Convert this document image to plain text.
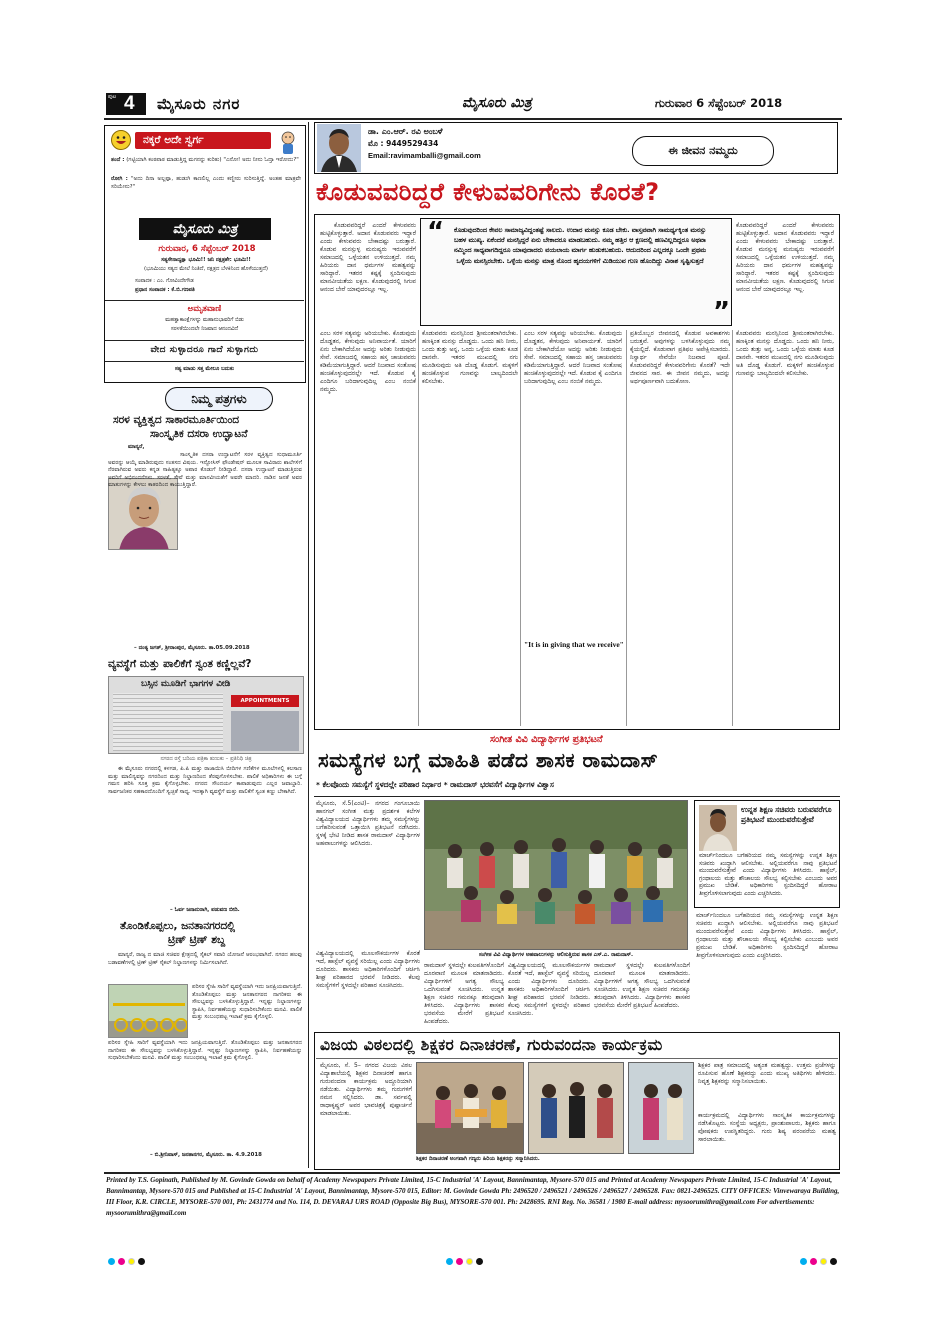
ಪುಟ 4 ಮೈಸೂರು ನಗರ	ಮೈಸೂರು ಮಿತ್ರ	ಗುರುವಾರ 6 ಸೆಪ್ಟೆಂಬರ್ 2018
ನಕ್ಕರೆ ಅದೇ ಸ್ವರ್ಗ
ತಂದೆ : (ಗಟ್ಟಿಯಾಗಿ ಕಂಠಪಾಠ ಮಾಡುತ್ತಿದ್ದ ಮಗನನ್ನು ಕುರಿತು) "ಎನೋ! ಅದು ನೀನು ಓದ್ತಾ ಇರೋದು?"
ರೋಗಿ : "ಅದು ದಿನಾ ಅಲ್ಲಪ್ಪಾ, ಹುಡುಗಿ ಕಾಣಲಿಲ್ಲ ಎಂದು ಕಣ್ಣೀರು ಸುರಿಸುತ್ತಿದ್ದೆ. ಅಂತಹ ಮಾತ್ರವೇ ಸರಿಯೇನು?"
ಮೈಸೂರು ಮಿತ್ರ
ಗುರುವಾರ, 6 ಸೆಪ್ಟೆಂಬರ್ 2018
ಸತ್ಯಸೇನಾದ್ಯಕ್ಷಾ ಭೂಮಿ!! ಜನಿ ನಕ್ಷತ್ರಶೇ: ಭೂಮಿ!!
(ಭೂಮಿಯು ಸತ್ಯದ ಮೇಲೆ ನಿಂತಿದೆ, ನಕ್ಷತ್ರದ ಬೆಳಕಿನಿಂದ ಹೊಳೆಯುತ್ತದೆ)
ಸಂಪಾದಕ : ಎಂ. ಗೋವಿಂದೇಗೌಡ
ಪ್ರಧಾನ ಸಂಪಾದಕ : ಕೆ.ಬಿ.ಗಣಪತಿ
ಅಮೃತವಾಣಿ
ಮಹತ್ವಾಕಾಂಕ್ಷೆಗಳನ್ನು ಮಹಾನುಭಾವರಿಗೆ ಬಿಡು
ಸರಳತೆಯಿಂದಲೇ ನಿಜವಾದ ಆನಂದವಿದೆ
ವೇದ ಸುಳ್ಳಾದರೂ ಗಾದೆ ಸುಳ್ಳಾಗದು
ಸತ್ಯ ಮಾಡು ಸತ್ತ ಮೇಲೂ ಬದುಕು
ನಿಮ್ಮ ಪತ್ರಗಳು
ಸರಳ ವ್ಯಕ್ತಿತ್ವದ ಸಾಕಾರಮೂರ್ತಿಯಿಂದ
ಸಾಂಸ್ಕೃತಿಕ ದಸರಾ ಉದ್ಘಾಟನೆ
ಮಾನ್ಯರೆ,
ಸಾಂಸ್ಕೃತಿಕ ದಸರಾ ಉದ್ಘಾಟನೆಗೆ ಸರಳ ವ್ಯಕ್ತಿತ್ವದ ಸುಧಾಮೂರ್ತಿ ಅವರನ್ನು ಆಯ್ಕೆ ಮಾಡಿರುವುದು ಸಂತಸದ ವಿಷಯ. ಇನ್ಫೋಸಿಸ್ ಫೌಂಡೇಷನ್ ಮೂಲಕ ಸಾವಿರಾರು ಶಾಲೆಗಳಿಗೆ ನೆರವಾಗಿರುವ ಅವರು ಕನ್ನಡ ಸಾಹಿತ್ಯಕ್ಕೂ ಅಪಾರ ಕೊಡುಗೆ ನೀಡಿದ್ದಾರೆ. ದಸರಾ ಉದ್ಘಾಟನೆ ಮಾಡುತ್ತಿರುವ ಅವರಿಗೆ ಅಭಿನಂದನೆಗಳು. ಸರಳತೆ, ಸೇವೆ ಮತ್ತು ಮಾನವೀಯತೆಗೆ ಅವರೇ ಮಾದರಿ. ನಾಡಿನ ಜನತೆ ಅವರ ಮಾತುಗಳನ್ನು ಕೇಳಲು ಕಾತರದಿಂದ ಕಾಯುತ್ತಿದ್ದಾರೆ.
– ದಂತ್ಯ ಜಗತ್, ಶ್ರೀರಾಂಪುರ, ಮೈಸೂರು. ತಾ.05.09.2018
ವ್ಯವಸ್ಥೆಗೆ ಮತ್ತು ಪಾಲಿಕೆಗೆ ಸ್ವಂತ ಕಣ್ಣಿಲ್ಲವೆ?
ಬಸ್ಸಿನ ಮೂಡಿಗೆ ಭಾಗಗಳ ವೀಡಿ
APPOINTMENTS
ನಗರದ ರಸ್ತೆ ಬದಿಯ ಪತ್ರಿಕಾ ತುಣುಕು – ಪ್ರತಿನಿಧಿ ಚಿತ್ರ
ಈ ಮೈಸೂರು ನಗರದಲ್ಲಿ ಕಳಗಡ, ಪಿ.ಪಿ ಮತ್ತು ರಾಜಾಯಿಸಿ ಬೀದಿಗಳ ಗಣಿಕೆಗಳ ಮೂಲೆಗಳಲ್ಲಿ ಕಲಸಾಣ ಮತ್ತು ಮಾಲಿನ್ಯವನ್ನು ನಗರದಿಂದ ಮತ್ತು ನಿಲ್ದಾಣದಿಂದ ತೆರವುಗೊಳಿಸಬೇಕು. ಪಾಲಿಕೆ ಅಧಿಕಾರಿಗಳು ಈ ಬಗ್ಗೆ ಗಮನ ಹರಿಸಿ ಸೂಕ್ತ ಕ್ರಮ ಕೈಗೊಳ್ಳಬೇಕು. ನಗರದ ಸೌಂದರ್ಯ ಕಾಪಾಡುವುದು ಎಲ್ಲರ ಜವಾಬ್ದಾರಿ. ಸಾರ್ವಜನಿಕರ ಸಹಕಾರದೊಂದಿಗೆ ಸ್ವಚ್ಛತೆ ಸಾಧ್ಯ. ಇದಕ್ಕಾಗಿ ವ್ಯವಸ್ಥೆಗೆ ಮತ್ತು ಪಾಲಿಕೆಗೆ ಸ್ವಂತ ಕಣ್ಣು ಬೇಕಾಗಿದೆ.
– ಓರ್ವ ಜನಾನುರಾಗಿ, ಪಡುವಣ ಬೀದಿ.
ತೊಂಡಿಕೊಪ್ಪಲು, ಜನತಾನಗರದಲ್ಲಿ
ಟ್ರಿಣ್ ಟ್ರಿಣ್ ಶಬ್ದ
ಮಾನ್ಯರೆ, ರಾಜ್ಯ ದ ಮಾಜಿ ಸಚಿವರ ಕ್ಷೇತ್ರದಲ್ಲಿ ಸೈಕಲ್ ಸವಾರಿ ಯೋಜನೆ ಆರಂಭವಾಗಿದೆ. ನಗರದ ಹಲವು ಬಡಾವಣೆಗಳಲ್ಲಿ ಟ್ರಿಣ್ ಟ್ರಿಣ್ ಸೈಕಲ್ ನಿಲ್ದಾಣಗಳನ್ನು ನಿರ್ಮಿಸಲಾಗಿದೆ.
ಪರಿಸರ ಸ್ನೇಹಿ ಸಾರಿಗೆ ವ್ಯವಸ್ಥೆಯಾಗಿ ಇದು ಜನಪ್ರಿಯವಾಗುತ್ತಿದೆ. ತೊಂಡಿಕೊಪ್ಪಲು ಮತ್ತು ಜನತಾನಗರದ ನಾಗರಿಕರು ಈ ಸೌಲಭ್ಯವನ್ನು ಬಳಸಿಕೊಳ್ಳುತ್ತಿದ್ದಾರೆ. ಇನ್ನಷ್ಟು ನಿಲ್ದಾಣಗಳನ್ನು ಸ್ಥಾಪಿಸಿ, ನಿರ್ವಹಣೆಯನ್ನು ಸುಧಾರಿಸಬೇಕೆಂದು ಮನವಿ. ಪಾಲಿಕೆ ಮತ್ತು ಸಂಬಂಧಪಟ್ಟ ಇಲಾಖೆ ಕ್ರಮ ಕೈಗೊಳ್ಳಲಿ.
ಪರಿಸರ ಸ್ನೇಹಿ ಸಾರಿಗೆ ವ್ಯವಸ್ಥೆಯಾಗಿ ಇದು ಜನಪ್ರಿಯವಾಗುತ್ತಿದೆ. ತೊಂಡಿಕೊಪ್ಪಲು ಮತ್ತು ಜನತಾನಗರದ ನಾಗರಿಕರು ಈ ಸೌಲಭ್ಯವನ್ನು ಬಳಸಿಕೊಳ್ಳುತ್ತಿದ್ದಾರೆ. ಇನ್ನಷ್ಟು ನಿಲ್ದಾಣಗಳನ್ನು ಸ್ಥಾಪಿಸಿ, ನಿರ್ವಹಣೆಯನ್ನು ಸುಧಾರಿಸಬೇಕೆಂದು ಮನವಿ. ಪಾಲಿಕೆ ಮತ್ತು ಸಂಬಂಧಪಟ್ಟ ಇಲಾಖೆ ಕ್ರಮ ಕೈಗೊಳ್ಳಲಿ.
– ಬಿ.ಶ್ರೀನಿವಾಸ್, ಜನತಾನಗರ, ಮೈಸೂರು. ತಾ. 4.9.2018
ಡಾ. ಎಂ.ಆರ್. ರವಿ ಅಂಬಳೆ
ಮೊ : 9449529434
Email:ravimamballi@gmail.com	ಈ ಜೀವನ ನಮ್ಮದು
ಕೊಡುವವರಿದ್ದರೆ ಕೇಳುವವರಿಗೇನು ಕೊರತೆ?
ಕೊಡುವವರಿದ್ದರೆ ಎಂದರೆ ಕೇಳುವವರು ಹುಟ್ಟಿಕೊಳ್ಳುತ್ತಾರೆ. ಅದಾನ ಕೊಡುವವರು ಇದ್ದಾರೆ ಎಂದು ಕೇಳುವವರು ಬೇಕಾದಷ್ಟು ಬರುತ್ತಾರೆ. ಕೊಡುವ ಮನಸ್ಸುಳ್ಳ ಮನುಷ್ಯರು ಇರುವವರೆಗೆ ಸಮಾಜದಲ್ಲಿ ಒಳ್ಳೆಯತನ ಉಳಿಯುತ್ತದೆ. ನಮ್ಮ ಹಿರಿಯರು ದಾನ ಧರ್ಮಗಳ ಮಹತ್ವವನ್ನು ಸಾರಿದ್ದಾರೆ. ಇತರರ ಕಷ್ಟಕ್ಕೆ ಸ್ಪಂದಿಸುವುದು ಮಾನವೀಯತೆಯ ಲಕ್ಷಣ. ಕೊಡುವುದರಲ್ಲಿ ಸಿಗುವ ಆನಂದ ಬೇರೆ ಯಾವುದರಲ್ಲೂ ಇಲ್ಲ.
“	ಕೊಡುವುದರಿಂದ ಕೇವಲ ಸಾಮಾಜ್ಯವಿದ್ದಂತಷ್ಟೆ ಸಾಲದು. ಉದಾರ ಮನಸ್ಸು ಕೂಡ ಬೇಕು. ವಾಸ್ತವವಾಗಿ ಸಾಮರ್ಥ್ಯಕ್ಕಿಂತ ಮನಸ್ಸು ಬಹಳ ಮುಖ್ಯ. ಏಕೆಂದರೆ ಮನಸ್ಸಿದ್ದರೆ ಏನು ಬೇಕಾದರೂ ಮಾಡಬಹುದು. ನಮ್ಮ ಹತ್ತಿರ ಆ ಕ್ಷಣದಲ್ಲಿ ಹಣವಿಲ್ಲದಿದ್ದರೂ ಅಥವಾ ನಮ್ಮಿಂದ ಸಾಧ್ಯವಾಗದಿದ್ದರೂ ಯಾವುದಾದರು ವಯಲಾಯ ಮಾರ್ಗ ಹುಡುಕಬಹುದು. ಆದುದರಿಂದ ಎಲ್ಲದಕ್ಕೂ ಒಂದೇ ಪ್ರಥಮ ಒಳ್ಳೆಯ ಮನಸ್ಸಿರಬೇಕು. ಒಳ್ಳೆಯ ಮನಸ್ಸು ಮಾತ್ರ ನೊಂದ ಹೃದಯಗಳಿಗೆ ಮಿಡಿಯುವ ಗುಣ ಹೊಂದಿದ್ದು ವಿನಾಶ ಸೃಷ್ಟಿಸುತ್ತದೆ
”
ಕೊಡುವವರಿದ್ದರೆ ಎಂದರೆ ಕೇಳುವವರು ಹುಟ್ಟಿಕೊಳ್ಳುತ್ತಾರೆ. ಅದಾನ ಕೊಡುವವರು ಇದ್ದಾರೆ ಎಂದು ಕೇಳುವವರು ಬೇಕಾದಷ್ಟು ಬರುತ್ತಾರೆ. ಕೊಡುವ ಮನಸ್ಸುಳ್ಳ ಮನುಷ್ಯರು ಇರುವವರೆಗೆ ಸಮಾಜದಲ್ಲಿ ಒಳ್ಳೆಯತನ ಉಳಿಯುತ್ತದೆ. ನಮ್ಮ ಹಿರಿಯರು ದಾನ ಧರ್ಮಗಳ ಮಹತ್ವವನ್ನು ಸಾರಿದ್ದಾರೆ. ಇತರರ ಕಷ್ಟಕ್ಕೆ ಸ್ಪಂದಿಸುವುದು ಮಾನವೀಯತೆಯ ಲಕ್ಷಣ. ಕೊಡುವುದರಲ್ಲಿ ಸಿಗುವ ಆನಂದ ಬೇರೆ ಯಾವುದರಲ್ಲೂ ಇಲ್ಲ.
ಎಂಬ ಸರಳ ಸತ್ಯವನ್ನು ಅರಿಯಬೇಕು. ಕೊಡುವುದು ದೊಡ್ಡತನ, ಕೇಳುವುದು ಅನಿವಾರ್ಯತೆ. ಯಾರಿಗೆ ಏನು ಬೇಕಾಗಿದೆಯೋ ಅದನ್ನು ಅರಿತು ನೀಡುವುದು ಸೇವೆ. ಸಮಾಜದಲ್ಲಿ ಸಹಾಯ ಹಸ್ತ ಚಾಚುವವರು ಕಡಿಮೆಯಾಗುತ್ತಿದ್ದಾರೆ. ಆದರೆ ನಿಜವಾದ ಸಂತೋಷ ಹಂಚಿಕೊಳ್ಳುವುದರಲ್ಲೇ ಇದೆ. ಕೊಡುವ ಕೈ ಎಂದಿಗೂ ಬರಿದಾಗುವುದಿಲ್ಲ ಎಂಬ ನಂಬಿಕೆ ನಮ್ಮದು.
ಕೊಡುವವರು ಮನಸ್ಸಿನಿಂದ ಶ್ರೀಮಂತರಾಗಿರಬೇಕು. ಹಣಕ್ಕಿಂತ ಮನಸ್ಸು ದೊಡ್ಡದು. ಒಂದು ಹನಿ ನೀರು, ಒಂದು ತುತ್ತು ಅನ್ನ, ಒಂದು ಒಳ್ಳೆಯ ಮಾತು ಕೂಡ ದಾನವೇ. ಇತರರ ಮುಖದಲ್ಲಿ ನಗು ಮೂಡಿಸುವುದು ಅತಿ ದೊಡ್ಡ ಕೊಡುಗೆ. ಮಕ್ಕಳಿಗೆ ಹಂಚಿಕೊಳ್ಳುವ ಗುಣವನ್ನು ಬಾಲ್ಯದಿಂದಲೇ ಕಲಿಸಬೇಕು.
ಎಂಬ ಸರಳ ಸತ್ಯವನ್ನು ಅರಿಯಬೇಕು. ಕೊಡುವುದು ದೊಡ್ಡತನ, ಕೇಳುವುದು ಅನಿವಾರ್ಯತೆ. ಯಾರಿಗೆ ಏನು ಬೇಕಾಗಿದೆಯೋ ಅದನ್ನು ಅರಿತು ನೀಡುವುದು ಸೇವೆ. ಸಮಾಜದಲ್ಲಿ ಸಹಾಯ ಹಸ್ತ ಚಾಚುವವರು ಕಡಿಮೆಯಾಗುತ್ತಿದ್ದಾರೆ. ಆದರೆ ನಿಜವಾದ ಸಂತೋಷ ಹಂಚಿಕೊಳ್ಳುವುದರಲ್ಲೇ ಇದೆ. ಕೊಡುವ ಕೈ ಎಂದಿಗೂ ಬರಿದಾಗುವುದಿಲ್ಲ ಎಂಬ ನಂಬಿಕೆ ನಮ್ಮದು.
"It is in giving that we receive"
ಪ್ರತಿಯೊಬ್ಬರ ಜೀವನದಲ್ಲಿ ಕೊಡುವ ಅವಕಾಶಗಳು ಬರುತ್ತವೆ. ಅವುಗಳನ್ನು ಬಳಸಿಕೊಳ್ಳುವುದು ನಮ್ಮ ಕೈಯಲ್ಲಿದೆ. ಕೊಡುವಾಗ ಪ್ರತಿಫಲ ಅಪೇಕ್ಷಿಸಬಾರದು. ನಿಸ್ವಾರ್ಥ ಸೇವೆಯೇ ನಿಜವಾದ ಪೂಜೆ. ಕೊಡುವವರಿದ್ದರೆ ಕೇಳುವವರಿಗೇನು ಕೊರತೆ? ಇದೇ ಜೀವನದ ಸಾರ. ಈ ಜೀವನ ನಮ್ಮದು, ಅದನ್ನು ಅರ್ಥಪೂರ್ಣವಾಗಿ ಬದುಕೋಣ.
ಕೊಡುವವರು ಮನಸ್ಸಿನಿಂದ ಶ್ರೀಮಂತರಾಗಿರಬೇಕು. ಹಣಕ್ಕಿಂತ ಮನಸ್ಸು ದೊಡ್ಡದು. ಒಂದು ಹನಿ ನೀರು, ಒಂದು ತುತ್ತು ಅನ್ನ, ಒಂದು ಒಳ್ಳೆಯ ಮಾತು ಕೂಡ ದಾನವೇ. ಇತರರ ಮುಖದಲ್ಲಿ ನಗು ಮೂಡಿಸುವುದು ಅತಿ ದೊಡ್ಡ ಕೊಡುಗೆ. ಮಕ್ಕಳಿಗೆ ಹಂಚಿಕೊಳ್ಳುವ ಗುಣವನ್ನು ಬಾಲ್ಯದಿಂದಲೇ ಕಲಿಸಬೇಕು.
ಸಂಗೀತ ವಿವಿ ವಿದ್ಯಾರ್ಥಿಗಳ ಪ್ರತಿಭಟನೆ
ಸಮಸ್ಯೆಗಳ ಬಗ್ಗೆ ಮಾಹಿತಿ ಪಡೆದ ಶಾಸಕ ರಾಮದಾಸ್
* ಕೆಲವೊಂದು ಸಮಸ್ಯೆಗೆ ಸ್ಥಳದಲ್ಲೇ ಪರಿಹಾರ ನಿರ್ಧಾರ * ರಾಮದಾಸ್ ಭರವಸೆಗೆ ವಿದ್ಯಾರ್ಥಿಗಳ ವಿಶ್ವಾಸ
ಮೈಸೂರು, ಸೆ.5(ಎಂಟಿ)– ನಗರದ ಗಂಗೂಬಾಯಿ ಹಾನಗಲ್ ಸಂಗೀತ ಮತ್ತು ಪ್ರದರ್ಶಕ ಕಲೆಗಳ ವಿಶ್ವವಿದ್ಯಾಲಯದ ವಿದ್ಯಾರ್ಥಿಗಳು ತಮ್ಮ ಸಮಸ್ಯೆಗಳನ್ನು ಬಗೆಹರಿಸುವಂತೆ ಒತ್ತಾಯಿಸಿ ಪ್ರತಿಭಟನೆ ನಡೆಸಿದರು. ಸ್ಥಳಕ್ಕೆ ಭೇಟಿ ನೀಡಿದ ಶಾಸಕ ರಾಮದಾಸ್ ವಿದ್ಯಾರ್ಥಿಗಳ ಅಹವಾಲುಗಳನ್ನು ಆಲಿಸಿದರು.
ಸಂಗೀತ ವಿವಿ ವಿದ್ಯಾರ್ಥಿಗಳ ಅಹವಾಲುಗಳನ್ನು ಆಲಿಸುತ್ತಿರುವ ಶಾಸಕ ಎಸ್.ಎ. ರಾಮದಾಸ್.
ವಿಶ್ವವಿದ್ಯಾಲಯದಲ್ಲಿ ಮೂಲಸೌಕರ್ಯಗಳ ಕೊರತೆ ಇದೆ, ಹಾಸ್ಟೆಲ್ ವ್ಯವಸ್ಥೆ ಸರಿಯಿಲ್ಲ ಎಂದು ವಿದ್ಯಾರ್ಥಿಗಳು ದೂರಿದರು. ಶಾಸಕರು ಅಧಿಕಾರಿಗಳೊಂದಿಗೆ ಚರ್ಚಿಸಿ ಶೀಘ್ರ ಪರಿಹಾರದ ಭರವಸೆ ನೀಡಿದರು. ಕೆಲವು ಸಮಸ್ಯೆಗಳಿಗೆ ಸ್ಥಳದಲ್ಲೇ ಪರಿಹಾರ ಸೂಚಿಸಿದರು.
ರಾಮದಾಸ್ ಸ್ಥಳದಲ್ಲೇ ಕುಲಪತಿಗಳೊಂದಿಗೆ ದೂರವಾಣಿ ಮೂಲಕ ಮಾತನಾಡಿದರು. ವಿದ್ಯಾರ್ಥಿಗಳಿಗೆ ಅಗತ್ಯ ಸೌಲಭ್ಯ ಒದಗಿಸುವಂತೆ ಸೂಚಿಸಿದರು. ಉನ್ನತ ಶಿಕ್ಷಣ ಸಚಿವರ ಗಮನಕ್ಕೂ ತರುವುದಾಗಿ ತಿಳಿಸಿದರು. ವಿದ್ಯಾರ್ಥಿಗಳು ಶಾಸಕರ ಭರವಸೆಯ ಮೇರೆಗೆ ಪ್ರತಿಭಟನೆ ಹಿಂಪಡೆದರು.
ವಿಶ್ವವಿದ್ಯಾಲಯದಲ್ಲಿ ಮೂಲಸೌಕರ್ಯಗಳ ಕೊರತೆ ಇದೆ, ಹಾಸ್ಟೆಲ್ ವ್ಯವಸ್ಥೆ ಸರಿಯಿಲ್ಲ ಎಂದು ವಿದ್ಯಾರ್ಥಿಗಳು ದೂರಿದರು. ಶಾಸಕರು ಅಧಿಕಾರಿಗಳೊಂದಿಗೆ ಚರ್ಚಿಸಿ ಶೀಘ್ರ ಪರಿಹಾರದ ಭರವಸೆ ನೀಡಿದರು. ಕೆಲವು ಸಮಸ್ಯೆಗಳಿಗೆ ಸ್ಥಳದಲ್ಲೇ ಪರಿಹಾರ ಸೂಚಿಸಿದರು.
ರಾಮದಾಸ್ ಸ್ಥಳದಲ್ಲೇ ಕುಲಪತಿಗಳೊಂದಿಗೆ ದೂರವಾಣಿ ಮೂಲಕ ಮಾತನಾಡಿದರು. ವಿದ್ಯಾರ್ಥಿಗಳಿಗೆ ಅಗತ್ಯ ಸೌಲಭ್ಯ ಒದಗಿಸುವಂತೆ ಸೂಚಿಸಿದರು. ಉನ್ನತ ಶಿಕ್ಷಣ ಸಚಿವರ ಗಮನಕ್ಕೂ ತರುವುದಾಗಿ ತಿಳಿಸಿದರು. ವಿದ್ಯಾರ್ಥಿಗಳು ಶಾಸಕರ ಭರವಸೆಯ ಮೇರೆಗೆ ಪ್ರತಿಭಟನೆ ಹಿಂಪಡೆದರು.
ಉನ್ನತ ಶಿಕ್ಷಣ ಸಚಿವರು ಬರುವವರೆಗೂ ಪ್ರತಿಭಟನೆ ಮುಂದುವರೆಸುತ್ತೇವೆ
ಮಾರ್ಚ್‌ನಿಂದಲೂ ಬಗೆಹರಿಯದ ನಮ್ಮ ಸಮಸ್ಯೆಗಳನ್ನು ಉನ್ನತ ಶಿಕ್ಷಣ ಸಚಿವರು ಖುದ್ದಾಗಿ ಆಲಿಸಬೇಕು. ಅಲ್ಲಿಯವರೆಗೂ ನಾವು ಪ್ರತಿಭಟನೆ ಮುಂದುವರೆಸುತ್ತೇವೆ ಎಂದು ವಿದ್ಯಾರ್ಥಿಗಳು ತಿಳಿಸಿದರು. ಹಾಸ್ಟೆಲ್, ಗ್ರಂಥಾಲಯ ಮತ್ತು ಶೌಚಾಲಯ ಸೌಲಭ್ಯ ಕಲ್ಪಿಸಬೇಕು ಎಂಬುದು ಅವರ ಪ್ರಮುಖ ಬೇಡಿಕೆ. ಅಧಿಕಾರಿಗಳು ಸ್ಪಂದಿಸದಿದ್ದರೆ ಹೋರಾಟ ತೀವ್ರಗೊಳಿಸಲಾಗುವುದು ಎಂದು ಎಚ್ಚರಿಸಿದರು.
ಮಾರ್ಚ್‌ನಿಂದಲೂ ಬಗೆಹರಿಯದ ನಮ್ಮ ಸಮಸ್ಯೆಗಳನ್ನು ಉನ್ನತ ಶಿಕ್ಷಣ ಸಚಿವರು ಖುದ್ದಾಗಿ ಆಲಿಸಬೇಕು. ಅಲ್ಲಿಯವರೆಗೂ ನಾವು ಪ್ರತಿಭಟನೆ ಮುಂದುವರೆಸುತ್ತೇವೆ ಎಂದು ವಿದ್ಯಾರ್ಥಿಗಳು ತಿಳಿಸಿದರು. ಹಾಸ್ಟೆಲ್, ಗ್ರಂಥಾಲಯ ಮತ್ತು ಶೌಚಾಲಯ ಸೌಲಭ್ಯ ಕಲ್ಪಿಸಬೇಕು ಎಂಬುದು ಅವರ ಪ್ರಮುಖ ಬೇಡಿಕೆ. ಅಧಿಕಾರಿಗಳು ಸ್ಪಂದಿಸದಿದ್ದರೆ ಹೋರಾಟ ತೀವ್ರಗೊಳಿಸಲಾಗುವುದು ಎಂದು ಎಚ್ಚರಿಸಿದರು.
ವಿಜಯ ವಿಠಲದಲ್ಲಿ ಶಿಕ್ಷಕರ ದಿನಾಚರಣೆ, ಗುರುವಂದನಾ ಕಾರ್ಯಕ್ರಮ
ಮೈಸೂರು, ಸೆ. 5– ನಗರದ ವಿಜಯ ವಿಠಲ ವಿದ್ಯಾಶಾಲೆಯಲ್ಲಿ ಶಿಕ್ಷಕರ ದಿನಾಚರಣೆ ಹಾಗೂ ಗುರುವಂದನಾ ಕಾರ್ಯಕ್ರಮ ಅದ್ದೂರಿಯಾಗಿ ನಡೆಯಿತು. ವಿದ್ಯಾರ್ಥಿಗಳು ತಮ್ಮ ಗುರುಗಳಿಗೆ ನಮನ ಸಲ್ಲಿಸಿದರು. ಡಾ. ಸರ್ವಪಲ್ಲಿ ರಾಧಾಕೃಷ್ಣನ್ ಅವರ ಭಾವಚಿತ್ರಕ್ಕೆ ಪುಷ್ಪಾರ್ಚನೆ ಮಾಡಲಾಯಿತು.
ಶಿಕ್ಷಕರ ದಿನಾಚರಣೆ ಅಂಗವಾಗಿ ಗಣ್ಯರು ಹಿರಿಯ ಶಿಕ್ಷಕರನ್ನು ಸನ್ಮಾನಿಸಿದರು.
ಶಿಕ್ಷಕರ ಪಾತ್ರ ಸಮಾಜದಲ್ಲಿ ಅತ್ಯಂತ ಮಹತ್ವದ್ದು. ಉತ್ತಮ ಪ್ರಜೆಗಳನ್ನು ರೂಪಿಸುವ ಹೊಣೆ ಶಿಕ್ಷಕರದ್ದು ಎಂದು ಮುಖ್ಯ ಅತಿಥಿಗಳು ಹೇಳಿದರು. ನಿವೃತ್ತ ಶಿಕ್ಷಕರನ್ನು ಸನ್ಮಾನಿಸಲಾಯಿತು.
ಕಾರ್ಯಕ್ರಮದಲ್ಲಿ ವಿದ್ಯಾರ್ಥಿಗಳು ಸಾಂಸ್ಕೃತಿಕ ಕಾರ್ಯಕ್ರಮಗಳನ್ನು ನಡೆಸಿಕೊಟ್ಟರು. ಸಂಸ್ಥೆಯ ಅಧ್ಯಕ್ಷರು, ಪ್ರಾಂಶುಪಾಲರು, ಶಿಕ್ಷಕರು ಹಾಗೂ ಪೋಷಕರು ಉಪಸ್ಥಿತರಿದ್ದರು. ಗುರು ಶಿಷ್ಯ ಪರಂಪರೆಯ ಮಹತ್ವ ಸಾರಲಾಯಿತು.
Printed by T.S. Gopinath, Published by M. Govinde Gowda on behalf of Academy Newspapers Private Limited, 15-C Industrial 'A' Layout, Bannimantap, Mysore-570 015 and Printed at Academy Newspapers Private Limited, 15-C Industrial 'A' Layout, Bannimantap, Mysore-570 015 and Published at 15-C Industrial 'A' Layout, Bannimantap, Mysore-570 015, Editor: M. Govinde Gowda Ph: 2496520 / 2496521 / 2496526 / 2496527 / 2496528. Fax: 0821-2496525. CITY OFFICES: Vinvewaraya Building, III Floor, K.R. CIRCLE, MYSORE-570 001, Ph: 2431774 and No. 114, D. DEVARAJ URS ROAD (Opposite Big Bus), MYSORE-570 001. Ph: 2428695. RNI Reg. No. 36581 / 1980 E-mail address: mysoorumithra@gmail.com For advertisements: mysoorumithra@gmail.com
